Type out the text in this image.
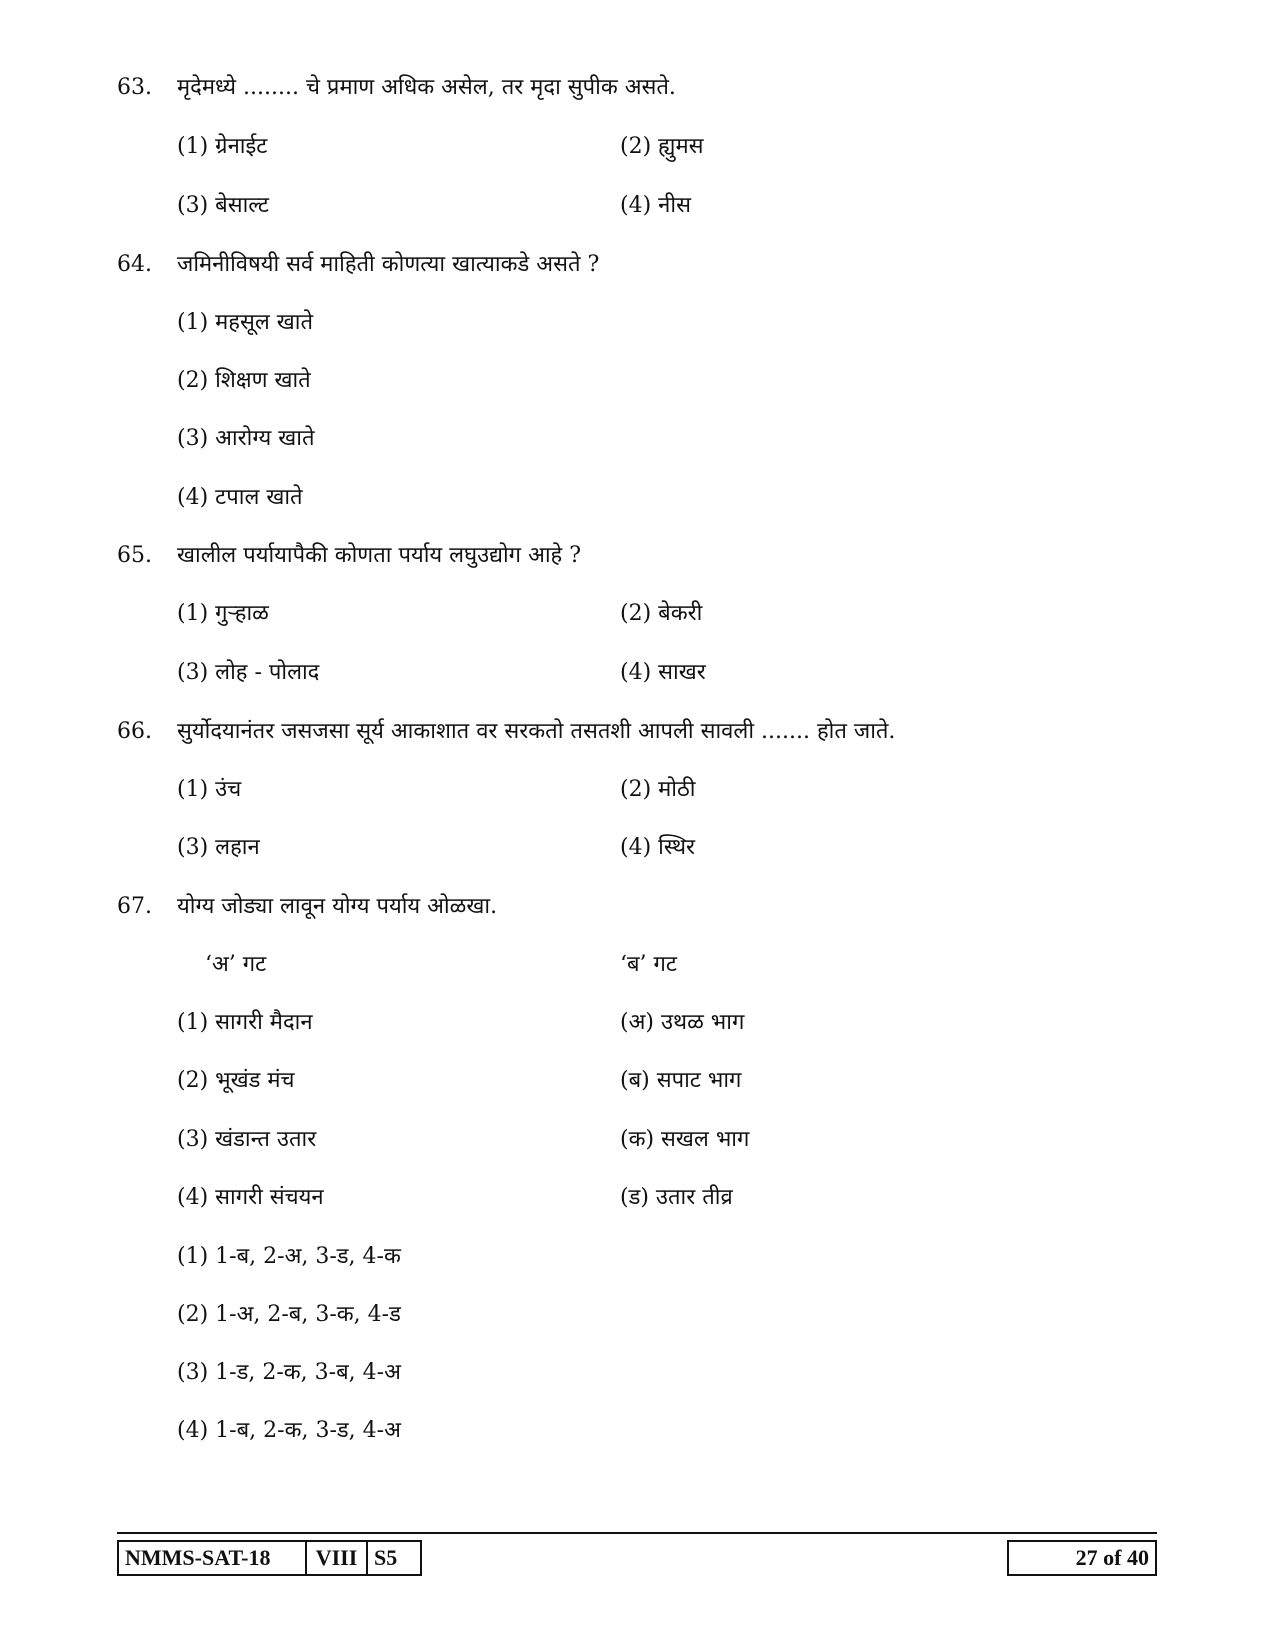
63.	मृदेमध्ये ........ चे प्रमाण अधिक असेल, तर मृदा सुपीक असते.
(1) ग्रेनाईट	(2) ह्युमस
(3) बेसाल्ट	(4) नीस
64.	जमिनीविषयी सर्व माहिती कोणत्या खात्याकडे असते ?
(1) महसूल खाते
(2) शिक्षण खाते
(3) आरोग्य खाते
(4) टपाल खाते
65.	खालील पर्यायापैकी कोणता पर्याय लघुउद्योग आहे ?
(1) गुऱ्हाळ	(2) बेकरी
(3) लोह - पोलाद	(4) साखर
66.	सुर्योदयानंतर जसजसा सूर्य आकाशात वर सरकतो तसतशी आपली सावली ....... होत जाते.
(1) उंच	(2) मोठी
(3) लहान	(4) स्थिर
67.	योग्य जोड्या लावून योग्य पर्याय ओळखा.
‘अ’ गट	‘ब’ गट
(1) सागरी मैदान	(अ) उथळ भाग
(2) भूखंड मंच	(ब) सपाट भाग
(3) खंडान्त उतार	(क) सखल भाग
(4) सागरी संचयन	(ड) उतार तीव्र
(1) 1-ब, 2-अ, 3-ड, 4-क
(2) 1-अ, 2-ब, 3-क, 4-ड
(3) 1-ड, 2-क, 3-ब, 4-अ
(4) 1-ब, 2-क, 3-ड, 4-अ
NMMS-SAT-18	VIII S5	27 of 40
